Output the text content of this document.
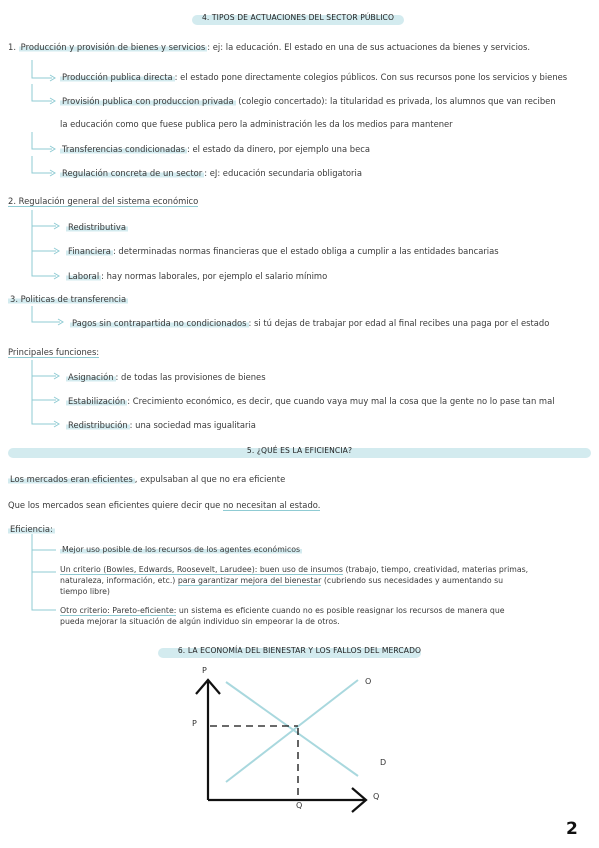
4. TIPOS DE ACTUACIONES DEL SECTOR PÚBLICO
1. Producción y provisión de bienes y servicios : ej: la educación. El estado en una de sus actuaciones da bienes y servicios.
Producción publica directa : el estado pone directamente colegios públicos. Con sus recursos pone los servicios y bienes
Provisión publica con produccion privada (colegio concertado): la titularidad es privada, los alumnos que van reciben
la educación como que fuese publica pero la administración les da los medios para mantener
Transferencias condicionadas : el estado da dinero, por ejemplo una beca
Regulación concreta de un sector : eJ: educación secundaria obligatoria
2. Regulación general del sistema económico
Redistributiva
Financiera : determinadas normas financieras que el estado obliga a cumplir a las entidades bancarias
Laboral : hay normas laborales, por ejemplo el salario mínimo
3. Politicas de transferencia
Pagos sin contrapartida no condicionados : si tú dejas de trabajar por edad al final recibes una paga por el estado
Principales funciones:
Asignación : de todas las provisiones de bienes
Estabilización : Crecimiento económico, es decir, que cuando vaya muy mal la cosa que la gente no lo pase tan mal
Redistribución : una sociedad mas igualitaria
5. ¿QUÉ ES LA EFICIENCIA?
Los mercados eran eficientes , expulsaban al que no era eficiente
Que los mercados sean eficientes quiere decir que no necesitan al estado.
Eficiencia:
Mejor uso posible de los recursos de los agentes económicos
Un criterio (Bowles, Edwards, Roosevelt, Larudee): buen uso de insumos (trabajo, tiempo, creatividad, materias primas,
naturaleza, información, etc.) para garantizar mejora del bienestar (cubriendo sus necesidades y aumentando su
tiempo libre)
Otro criterio: Pareto-eficiente: un sistema es eficiente cuando no es posible reasignar los recursos de manera que
pueda mejorar la situación de algún individuo sin empeorar la de otros.
6. LA ECONOMÍA DEL BIENESTAR Y LOS FALLOS DEL MERCADO
P
O
P
D
Q
Q
2
